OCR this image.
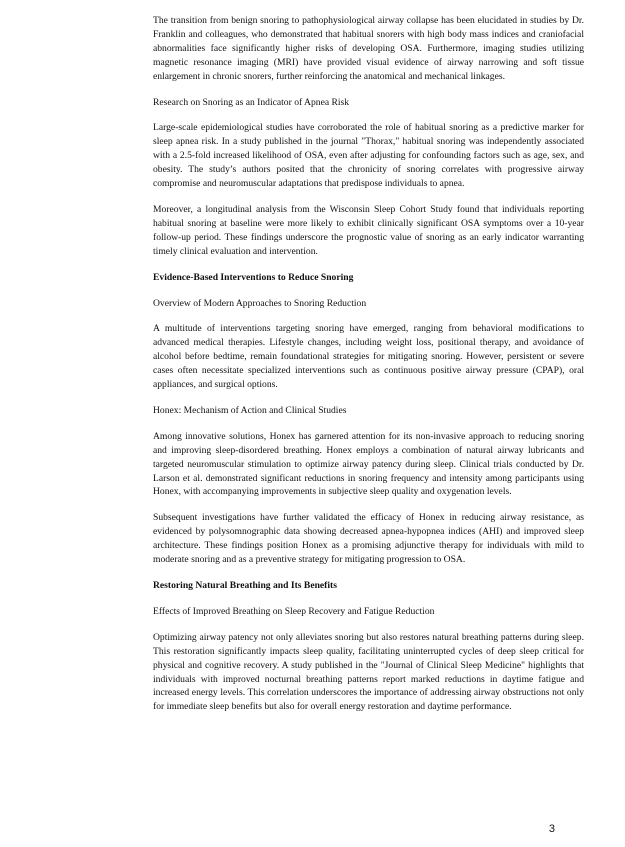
The transition from benign snoring to pathophysiological airway collapse has been elucidated in studies by Dr. Franklin and colleagues, who demonstrated that habitual snorers with high body mass indices and craniofacial abnormalities face significantly higher risks of developing OSA. Furthermore, imaging studies utilizing magnetic resonance imaging (MRI) have provided visual evidence of airway narrowing and soft tissue enlargement in chronic snorers, further reinforcing the anatomical and mechanical linkages.

Research on Snoring as an Indicator of Apnea Risk

Large-scale epidemiological studies have corroborated the role of habitual snoring as a predictive marker for sleep apnea risk. In a study published in the journal "Thorax," habitual snoring was independently associated with a 2.5-fold increased likelihood of OSA, even after adjusting for confounding factors such as age, sex, and obesity. The study’s authors posited that the chronicity of snoring correlates with progressive airway compromise and neuromuscular adaptations that predispose individuals to apnea.

Moreover, a longitudinal analysis from the Wisconsin Sleep Cohort Study found that individuals reporting habitual snoring at baseline were more likely to exhibit clinically significant OSA symptoms over a 10-year follow-up period. These findings underscore the prognostic value of snoring as an early indicator warranting timely clinical evaluation and intervention.

Evidence-Based Interventions to Reduce Snoring

Overview of Modern Approaches to Snoring Reduction

A multitude of interventions targeting snoring have emerged, ranging from behavioral modifications to advanced medical therapies. Lifestyle changes, including weight loss, positional therapy, and avoidance of alcohol before bedtime, remain foundational strategies for mitigating snoring. However, persistent or severe cases often necessitate specialized interventions such as continuous positive airway pressure (CPAP), oral appliances, and surgical options.

Honex: Mechanism of Action and Clinical Studies

Among innovative solutions, Honex has garnered attention for its non-invasive approach to reducing snoring and improving sleep-disordered breathing. Honex employs a combination of natural airway lubricants and targeted neuromuscular stimulation to optimize airway patency during sleep. Clinical trials conducted by Dr. Larson et al. demonstrated significant reductions in snoring frequency and intensity among participants using Honex, with accompanying improvements in subjective sleep quality and oxygenation levels.

Subsequent investigations have further validated the efficacy of Honex in reducing airway resistance, as evidenced by polysomnographic data showing decreased apnea-hypopnea indices (AHI) and improved sleep architecture. These findings position Honex as a promising adjunctive therapy for individuals with mild to moderate snoring and as a preventive strategy for mitigating progression to OSA.

Restoring Natural Breathing and Its Benefits

Effects of Improved Breathing on Sleep Recovery and Fatigue Reduction

Optimizing airway patency not only alleviates snoring but also restores natural breathing patterns during sleep. This restoration significantly impacts sleep quality, facilitating uninterrupted cycles of deep sleep critical for physical and cognitive recovery. A study published in the "Journal of Clinical Sleep Medicine" highlights that individuals with improved nocturnal breathing patterns report marked reductions in daytime fatigue and increased energy levels. This correlation underscores the importance of addressing airway obstructions not only for immediate sleep benefits but also for overall energy restoration and daytime performance.

3
